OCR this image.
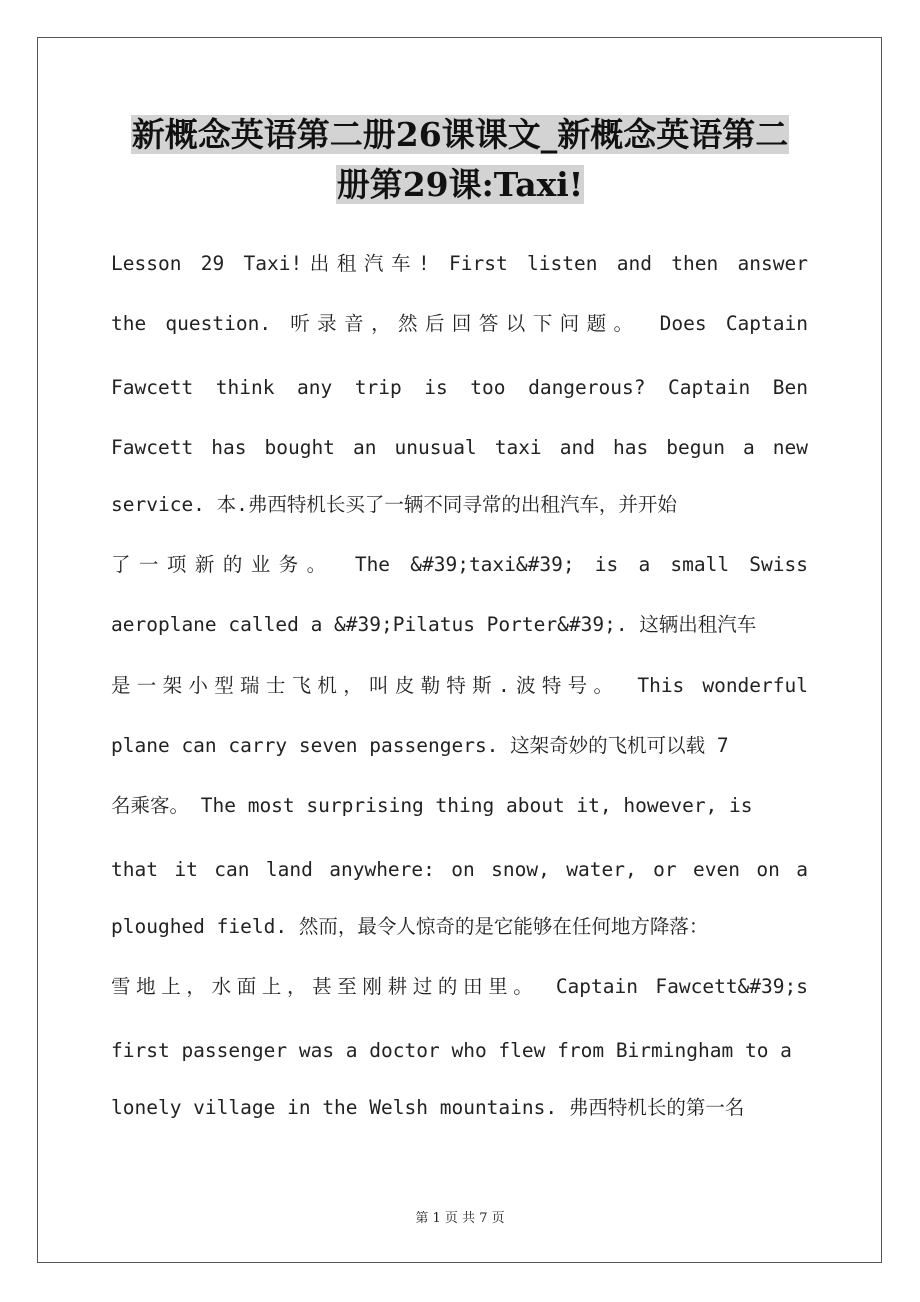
新概念英语第二册26课课文_新概念英语第二
册第29课:Taxi!
Lesson 29 Taxi!出租汽车! First listen and then answer
the question. 听录音，然后回答以下问题。 Does Captain
Fawcett think any trip is too dangerous? Captain Ben
Fawcett has bought an unusual taxi and has begun a new
service. 本.弗西特机长买了一辆不同寻常的出租汽车，并开始
了一项新的业务。 The &#39;taxi&#39; is a small Swiss
aeroplane called a &#39;Pilatus Porter&#39;. 这辆出租汽车
是一架小型瑞士飞机，叫皮勒特斯.波特号。 This wonderful
plane can carry seven passengers. 这架奇妙的飞机可以载 7
名乘客。 The most surprising thing about it, however, is
that it can land anywhere: on snow, water, or even on a
ploughed field. 然而，最令人惊奇的是它能够在任何地方降落：
雪地上，水面上，甚至刚耕过的田里。 Captain Fawcett&#39;s
first passenger was a doctor who flew from Birmingham to a
lonely village in the Welsh mountains. 弗西特机长的第一名
第 1 页 共 7 页
